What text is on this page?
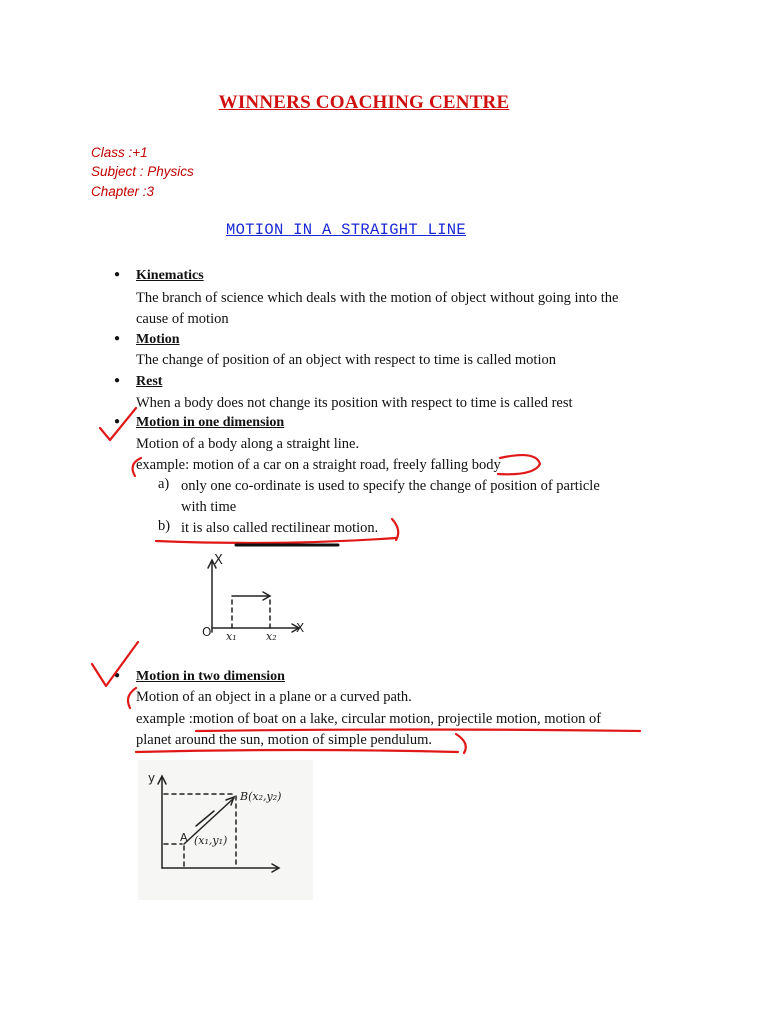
WINNERS COACHING CENTRE
Class :+1
Subject : Physics
Chapter :3
MOTION IN A STRAIGHT LINE
● Kinematics
The branch of science which deals with the motion of object without going into the
cause of motion
● Motion
The change of position of an object with respect to time is called motion
● Rest
When a body does not change its position with respect to time is called rest
● Motion in one dimension
Motion of a body along a straight line.
example: motion of a car on a straight road, freely falling body
a) only one co-ordinate is used to specify the change of position of particle
with time
b) it is also called rectilinear motion.
X
X
O x₁	x₂
● Motion in two dimension
Motion of an object in a plane or a curved path.
example :motion of boat on a lake, circular motion, projectile motion, motion of
planet around the sun, motion of simple pendulum.
y
A (x₁,y₁)
B(x₂,y₂)
